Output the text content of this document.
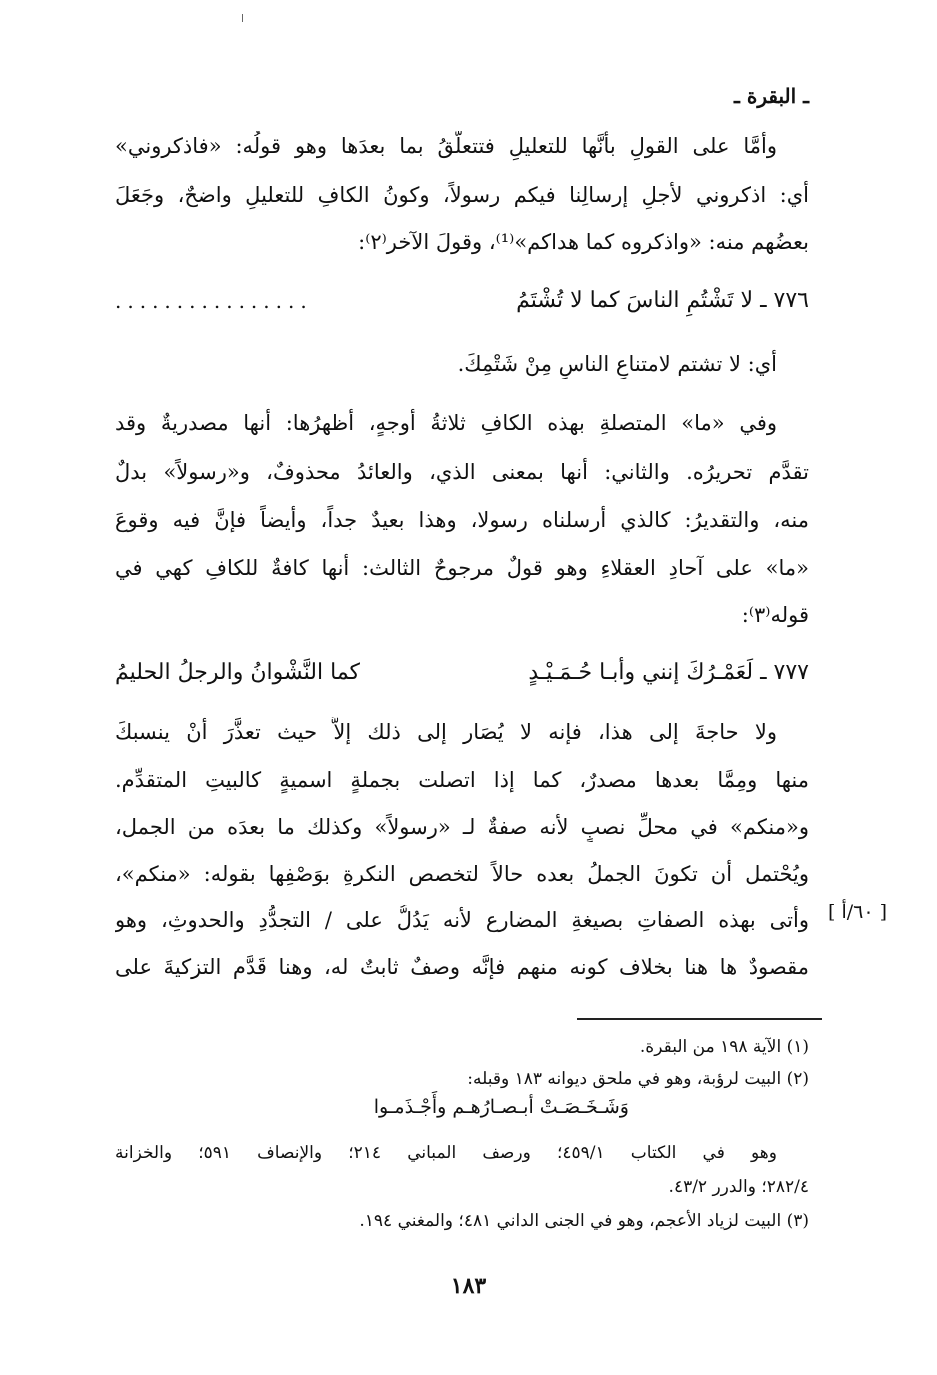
ـ البقرة ـ
وأمَّا على القولِ بأنَّها للتعليلِ فتتعلَّقُ بما بعدَها وهو قولُه: «فاذكروني»
أي: اذكروني لأجلِ إرسالِنا فيكم رسولاً، وكونُ الكافِ للتعليلِ واضحٌ، وجَعَلَ
بعضُهم منه: «واذكروه كما هداكم»⁽¹⁾، وقولَ الآخر⁽٢⁾:
٧٧٦ ـ لا تَشْتُمِ الناسَ كما لا تُشْتَمُ
................
أي: لا تشتم لامتناعِ الناسِ مِنْ شَتْمِكَ.
وفي «ما» المتصلةِ بهذه الكافِ ثلاثةُ أوجهٍ، أظهرُها: أنها مصدريةٌ وقد
تقدَّم تحريرُه. والثاني: أنها بمعنى الذي، والعائدُ محذوفٌ، و«رسولاً» بدلٌ
منه، والتقديرُ: كالذي أرسلناه رسولا، وهذا بعيدٌ جداً، وأيضاً فإنَّ فيه وقوعَ
«ما» على آحادِ العقلاءِ وهو قولٌ مرجوحٌ الثالث: أنها كافةٌ للكافِ كهي في
قوله⁽٣⁾:
٧٧٧ ـ لَعَمْـرُكَ إنني وأبـا حُـمَـيْـدٍ
كما النَّشْوانُ والرجلُ الحليمُ
ولا حاجةَ إلى هذا، فإنه لا يُصَار إلى ذلك إلاَّ حيث تعذَّرَ أنْ ينسبكَ
منها ومِمَّا بعدها مصدرٌ، كما إذا اتصلت بجملةٍ اسميةٍ كالبيتِ المتقدِّم.
و«منكم» في محلِّ نصبٍ لأنه صفةٌ لـ «رسولاً» وكذلك ما بعدَه من الجمل،
ويُحْتمل أن تكونَ الجملُ بعده حالاً لتخصص النكرةِ بوَصْفِها بقوله: «منكم»،
وأتى بهذه الصفاتِ بصيغةِ المضارع لأنه يَدُلُّ على / التجدُّدِ والحدوثِ، وهو
مقصودٌ ها هنا بخلاف كونه منهم فإنَّه وصفٌ ثابتٌ له، وهنا قَدَّم التزكيةَ على
[ ٦٠/أ ]
(١) الآية ١٩٨ من البقرة.
(٢) البيت لرؤبة، وهو في ملحق ديوانه ١٨٣ وقبله:
وَشَـخَـصَـتْ أبـصـارُهـم وأَجْـذَمـوا
وهو في الكتاب ٤٥٩/١؛ ورصف المباني ٢١٤؛ والإنصاف ٥٩١؛ والخزانة
٢٨٢/٤؛ والدرر ٤٣/٢.
(٣) البيت لزياد الأعجم، وهو في الجنى الداني ٤٨١؛ والمغني ١٩٤.
١٨٣
